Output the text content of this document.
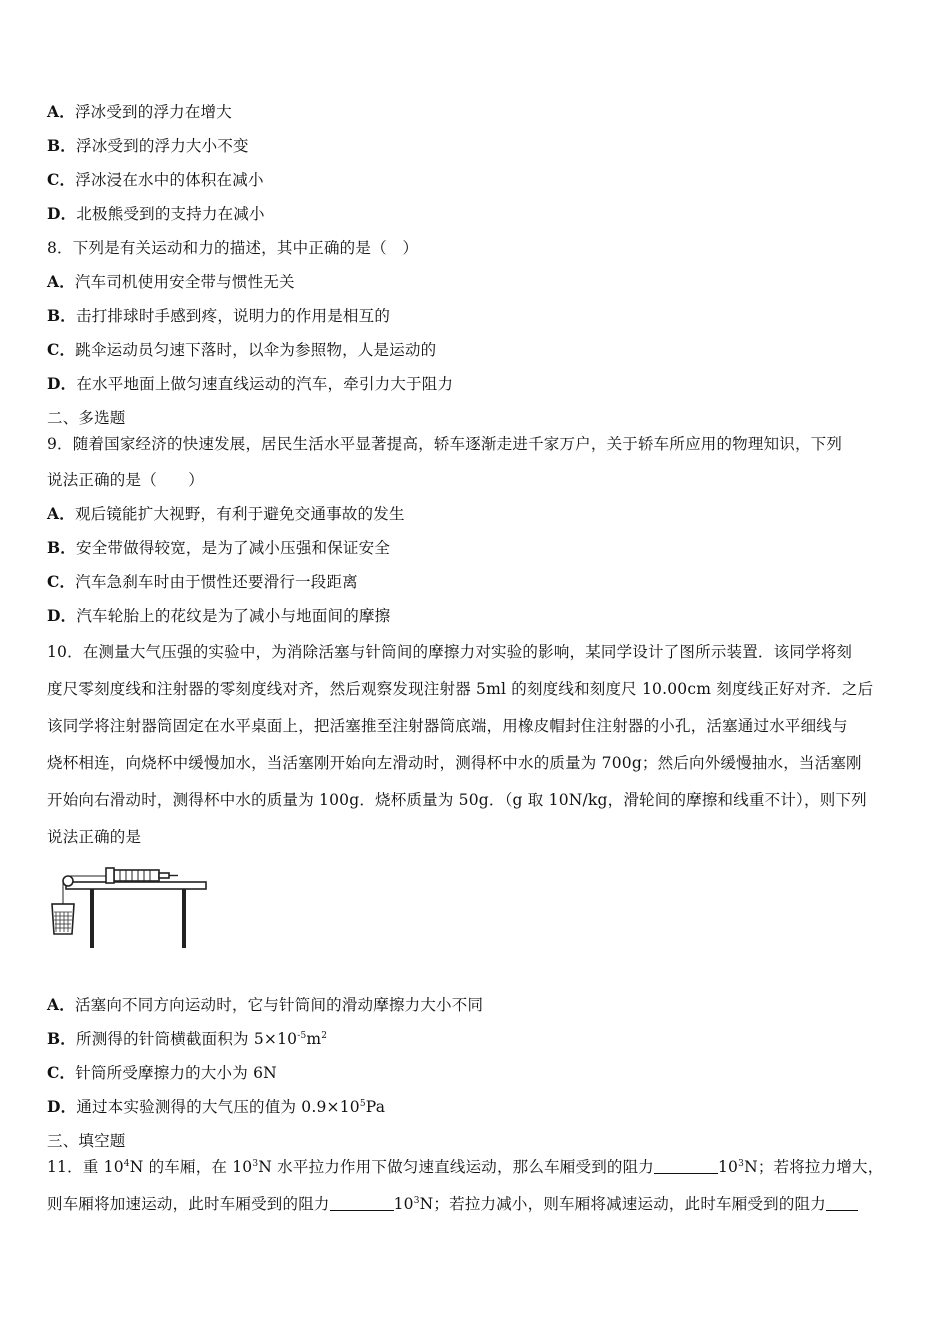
A．浮冰受到的浮力在增大
B．浮冰受到的浮力大小不变
C．浮冰浸在水中的体积在减小
D．北极熊受到的支持力在减小
8．下列是有关运动和力的描述，其中正确的是（　）
A．汽车司机使用安全带与惯性无关
B．击打排球时手感到疼，说明力的作用是相互的
C．跳伞运动员匀速下落时，以伞为参照物，人是运动的
D．在水平地面上做匀速直线运动的汽车，牵引力大于阻力
二、多选题
9．随着国家经济的快速发展，居民生活水平显著提高，轿车逐渐走进千家万户，关于轿车所应用的物理知识，下列
说法正确的是（　　）
A．观后镜能扩大视野，有利于避免交通事故的发生
B．安全带做得较宽，是为了减小压强和保证安全
C．汽车急刹车时由于惯性还要滑行一段距离
D．汽车轮胎上的花纹是为了减小与地面间的摩擦
10．在测量大气压强的实验中，为消除活塞与针筒间的摩擦力对实验的影响，某同学设计了图所示装置．该同学将刻
度尺零刻度线和注射器的零刻度线对齐，然后观察发现注射器 5ml 的刻度线和刻度尺 10.00cm 刻度线正好对齐．之后
该同学将注射器筒固定在水平桌面上，把活塞推至注射器筒底端，用橡皮帽封住注射器的小孔，活塞通过水平细线与
烧杯相连，向烧杯中缓慢加水，当活塞刚开始向左滑动时，测得杯中水的质量为 700g；然后向外缓慢抽水，当活塞刚
开始向右滑动时，测得杯中水的质量为 100g．烧杯质量为 50g．（g 取 10N/kg，滑轮间的摩擦和线重不计），则下列
说法正确的是
A．活塞向不同方向运动时，它与针筒间的滑动摩擦力大小不同
B．所测得的针筒横截面积为 $5\times 10^{-5}m^2$
C．针筒所受摩擦力的大小为 6N
D．通过本实验测得的大气压的值为 $0.9\times 10^5Pa$
三、填空题
11．重 $10^4N$ 的车厢，在 $10^3N$ 水平拉力作用下做匀速直线运动，那么车厢受到的阻力	$10^3N$；若将拉力增大，
则车厢将加速运动，此时车厢受到的阻力	$10^3N$；若拉力减小，则车厢将减速运动，此时车厢受到的阻力
